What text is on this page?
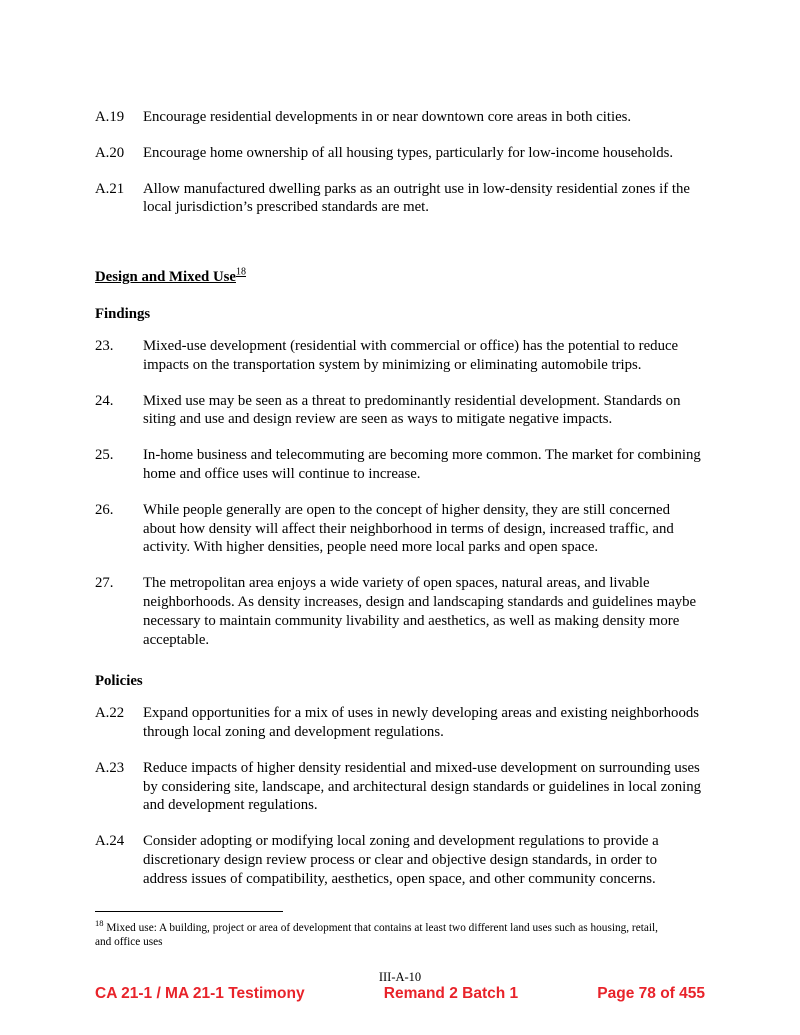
A.19	Encourage residential developments in or near downtown core areas in both cities.
A.20	Encourage home ownership of all housing types, particularly for low-income households.
A.21	Allow manufactured dwelling parks as an outright use in low-density residential zones if the local jurisdiction’s prescribed standards are met.
Design and Mixed Use$^{18}$
Findings
23.	Mixed-use development (residential with commercial or office) has the potential to reduce impacts on the transportation system by minimizing or eliminating automobile trips.
24.	Mixed use may be seen as a threat to predominantly residential development. Standards on siting and use and design review are seen as ways to mitigate negative impacts.
25.	In-home business and telecommuting are becoming more common. The market for combining home and office uses will continue to increase.
26.	While people generally are open to the concept of higher density, they are still concerned about how density will affect their neighborhood in terms of design, increased traffic, and activity. With higher densities, people need more local parks and open space.
27.	The metropolitan area enjoys a wide variety of open spaces, natural areas, and livable neighborhoods. As density increases, design and landscaping standards and guidelines maybe necessary to maintain community livability and aesthetics, as well as making density more acceptable.
Policies
A.22	Expand opportunities for a mix of uses in newly developing areas and existing neighborhoods through local zoning and development regulations.
A.23	Reduce impacts of higher density residential and mixed-use development on surrounding uses by considering site, landscape, and architectural design standards or guidelines in local zoning and development regulations.
A.24	Consider adopting or modifying local zoning and development regulations to provide a discretionary design review process or clear and objective design standards, in order to address issues of compatibility, aesthetics, open space, and other community concerns.
$^{18}$ Mixed use: A building, project or area of development that contains at least two different land uses such as housing, retail, and office uses
III-A-10
CA 21-1 / MA 21-1 Testimony	Remand 2 Batch 1	Page 78 of 455
